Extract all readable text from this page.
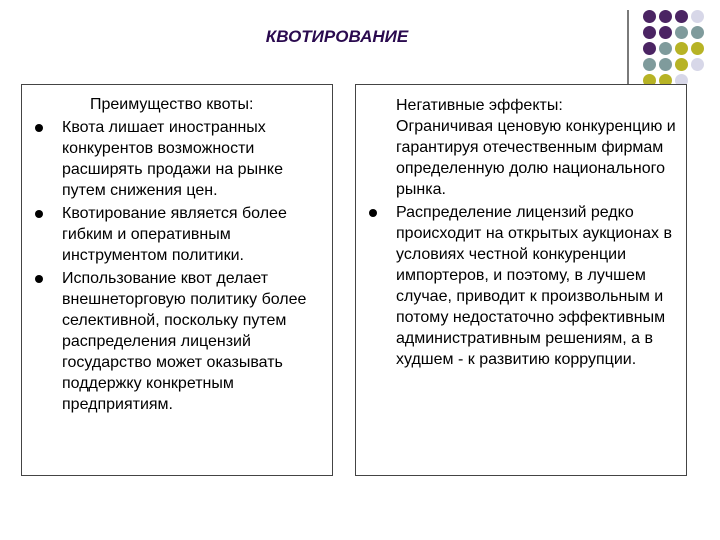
КВОТИРОВАНИЕ
Преимущество квоты:
Квота лишает иностранных конкурентов возможности расширять продажи на рынке путем снижения цен.
Квотирование является более гибким и оперативным инструментом политики.
Использование квот делает внешнеторговую политику более селективной, поскольку путем распределения лицензий государство может оказывать поддержку конкретным предприятиям.
Негативные эффекты:
Ограничивая ценовую конкуренцию и гарантируя отечественным фирмам определенную долю национального рынка.
Распределение лицензий редко происходит на открытых аукционах в условиях честной конкуренции импортеров, и поэтому, в лучшем случае, приводит к произвольным и потому недостаточно эффективным административным решениям, а в худшем - к развитию коррупции.
